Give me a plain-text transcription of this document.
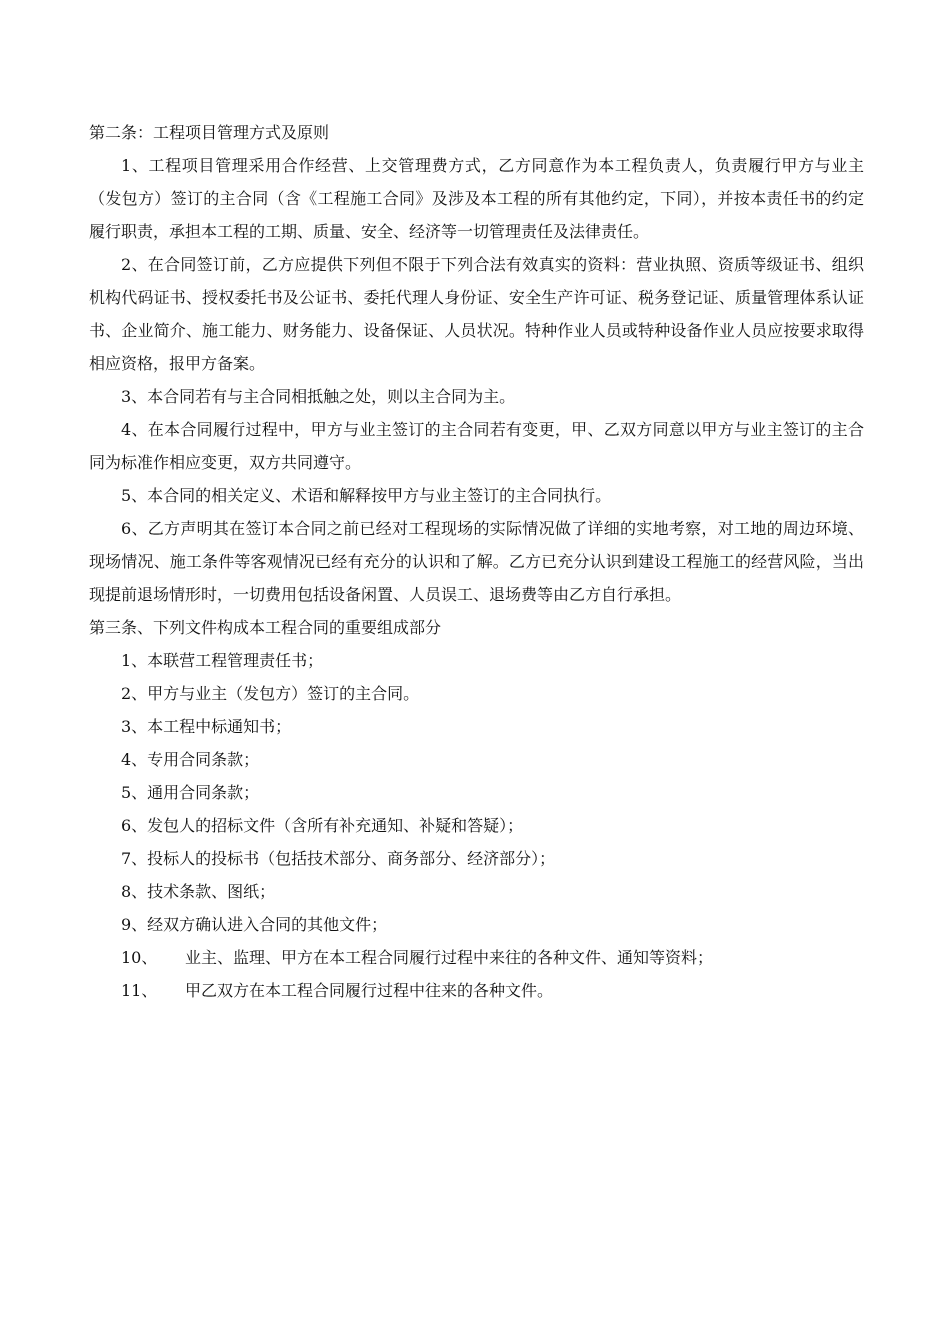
第二条：工程项目管理方式及原则

1、工程项目管理采用合作经营、上交管理费方式，乙方同意作为本工程负责人，负责履行甲方与业主（发包方）签订的主合同（含《工程施工合同》及涉及本工程的所有其他约定，下同），并按本责任书的约定履行职责，承担本工程的工期、质量、安全、经济等一切管理责任及法律责任。

2、在合同签订前，乙方应提供下列但不限于下列合法有效真实的资料：营业执照、资质等级证书、组织机构代码证书、授权委托书及公证书、委托代理人身份证、安全生产许可证、税务登记证、质量管理体系认证书、企业简介、施工能力、财务能力、设备保证、人员状况。特种作业人员或特种设备作业人员应按要求取得相应资格，报甲方备案。

3、本合同若有与主合同相抵触之处，则以主合同为主。

4、在本合同履行过程中，甲方与业主签订的主合同若有变更，甲、乙双方同意以甲方与业主签订的主合同为标准作相应变更，双方共同遵守。

5、本合同的相关定义、术语和解释按甲方与业主签订的主合同执行。

6、乙方声明其在签订本合同之前已经对工程现场的实际情况做了详细的实地考察，对工地的周边环境、现场情况、施工条件等客观情况已经有充分的认识和了解。乙方已充分认识到建设工程施工的经营风险，当出现提前退场情形时，一切费用包括设备闲置、人员误工、退场费等由乙方自行承担。

第三条、下列文件构成本工程合同的重要组成部分

1、本联营工程管理责任书；

2、甲方与业主（发包方）签订的主合同。

3、本工程中标通知书；

4、专用合同条款；

5、通用合同条款；

6、发包人的招标文件（含所有补充通知、补疑和答疑）；

7、投标人的投标书（包括技术部分、商务部分、经济部分）；

8、技术条款、图纸；

9、经双方确认进入合同的其他文件；

10、	业主、监理、甲方在本工程合同履行过程中来往的各种文件、通知等资料；
11、	甲乙双方在本工程合同履行过程中往来的各种文件。
